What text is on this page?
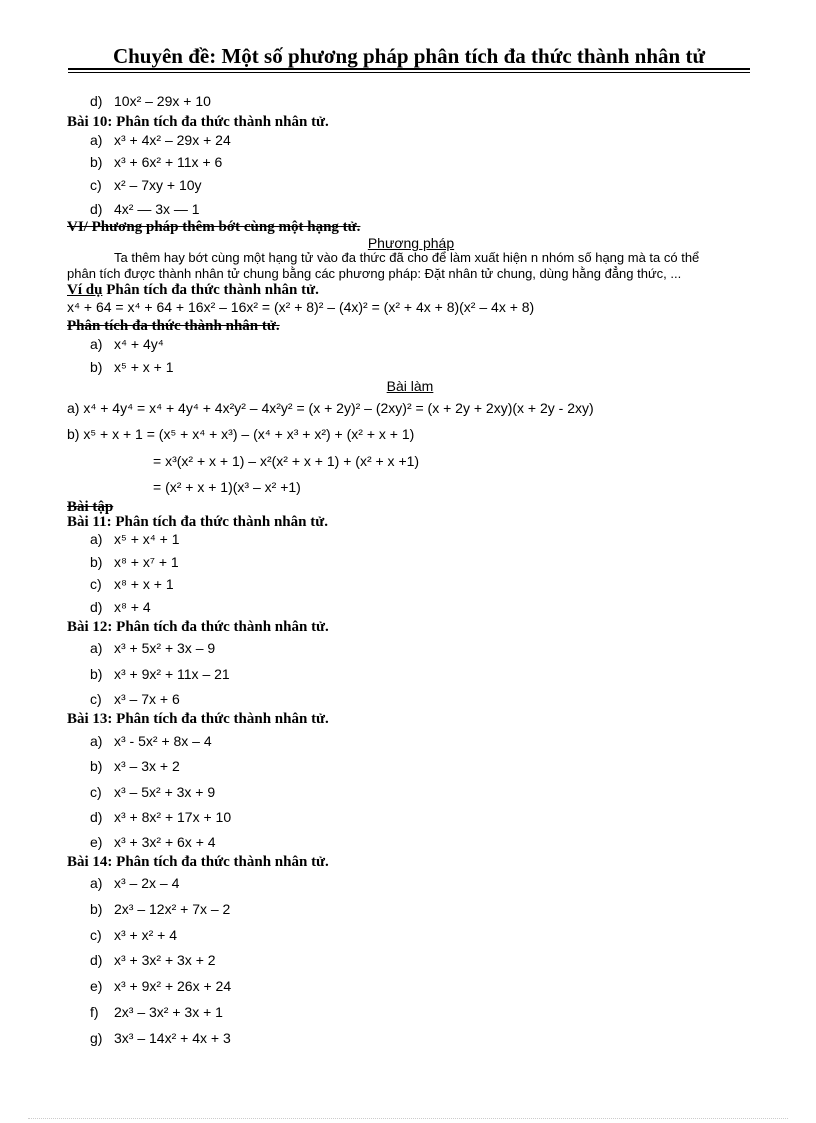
Chuyên đề: Một số phương pháp phân tích đa thức thành nhân tử
d) 10x² – 29x + 10
Bài 10: Phân tích đa thức thành nhân tử.
a) x³ + 4x² – 29x + 24
b) x³ + 6x² + 11x + 6
c) x² – 7xy + 10y
d) 4x² — 3x — 1
VI/ Phương pháp thêm bớt cùng một hạng tử.
Phương pháp
Ta thêm hay bớt cùng một hạng tử vào đa thức đã cho để làm xuất hiện n nhóm số hạng mà ta có thể
phân tích được thành nhân tử chung bằng các phương pháp: Đặt nhân tử chung, dùng hằng đẳng thức, ...
Ví dụ Phân tích đa thức thành nhân tử.
x⁴ + 64 = x⁴ + 64 + 16x² – 16x² = (x² + 8)² – (4x)² = (x² + 4x + 8)(x² – 4x + 8)
Phân tích đa thức thành nhân tử.
a) x⁴ + 4y⁴
b) x⁵ + x + 1
Bài làm
a) x⁴ + 4y⁴ = x⁴ + 4y⁴ + 4x²y² – 4x²y² = (x + 2y)² – (2xy)² = (x + 2y + 2xy)(x + 2y - 2xy)
b) x⁵ + x + 1 = (x⁵ + x⁴ + x³) – (x⁴ + x³ + x²) + (x² + x + 1)
= x³(x² + x + 1) – x²(x² + x + 1) + (x² + x +1)
= (x² + x + 1)(x³ – x² +1)
Bài tập
Bài 11: Phân tích đa thức thành nhân tử.
a) x⁵ + x⁴ + 1
b) x⁸ + x⁷ + 1
c) x⁸ + x + 1
d) x⁸ + 4
Bài 12: Phân tích đa thức thành nhân tử.
a) x³ + 5x² + 3x – 9
b) x³ + 9x² + 11x – 21
c) x³ – 7x + 6
Bài 13: Phân tích đa thức thành nhân tử.
a) x³ - 5x² + 8x – 4
b) x³ – 3x + 2
c) x³ – 5x² + 3x + 9
d) x³ + 8x² + 17x + 10
e) x³ + 3x² + 6x + 4
Bài 14: Phân tích đa thức thành nhân tử.
a) x³ – 2x – 4
b) 2x³ – 12x² + 7x – 2
c) x³ + x² + 4
d) x³ + 3x² + 3x + 2
e) x³ + 9x² + 26x + 24
f) 2x³ – 3x² + 3x + 1
g) 3x³ – 14x² + 4x + 3
